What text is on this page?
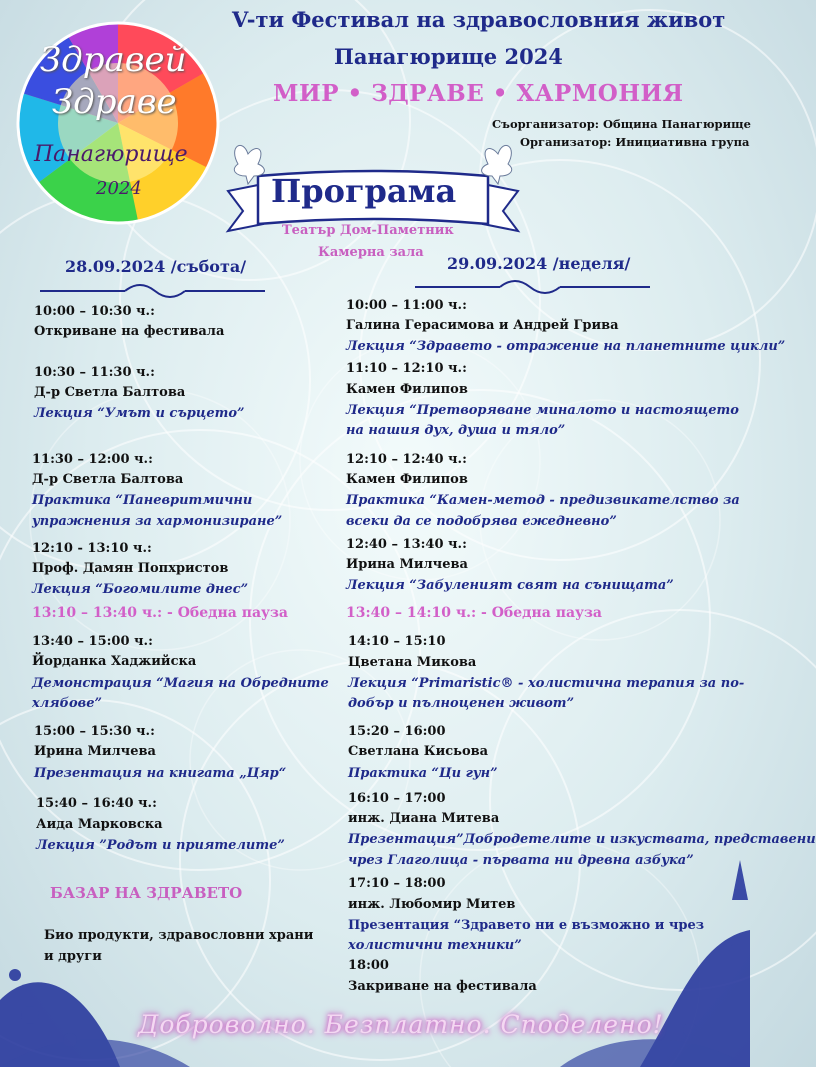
Здравей
Здраве
Панагюрище
2024
V-ти Фестивал на здравословния живот
Панагюрище 2024
МИР • ЗДРАВЕ • ХАРМОНИЯ
Съорганизатор: Община Панагюрище
Организатор: Инициативна група
Програма
Театър Дом-Паметник
Камерна зала
28.09.2024 /събота/	29.09.2024 /неделя/
10:00 – 10:30 ч.:
Откриване на фестивала
10:30 – 11:30 ч.:
Д-р Светла Балтова
Лекция “Умът и сърцето”
11:30 – 12:00 ч.:
Д-р Светла Балтова
Практика “Паневритмични
упражнения за хармонизиране”
12:10 - 13:10 ч.:
Проф. Дамян Попхристов
Лекция “Богомилите днес”
13:10 – 13:40 ч.: - Обедна пауза
13:40 – 15:00 ч.:
Йорданка Хаджийска
Демонстрация “Магия на Обредните
хлябове”
15:00 – 15:30 ч.:
Ирина Милчева
Презентация на книгата „Цяр“
15:40 – 16:40 ч.:
Аида Марковска
Лекция ”Родът и приятелите”
БАЗАР НА ЗДРАВЕТО
Био продукти, здравословни храни
и други
10:00 – 11:00 ч.:
Галина Герасимова и Андрей Грива
Лекция “Здравето - отражение на планетните цикли”
11:10 – 12:10 ч.:
Камен Филипов
Лекция “Претворяване миналото и настоящето
на нашия дух, душа и тяло”
12:10 – 12:40 ч.:
Камен Филипов
Практика “Камен-метод - предизвикателство за
всеки да се подобрява ежедневно”
12:40 – 13:40 ч.:
Ирина Милчева
Лекция “Забуленият свят на сънищата”
13:40 – 14:10 ч.: - Обедна пауза
14:10 – 15:10
Цветана Микова
Лекция “Primaristic® - холистична терапия за по-
добър и пълноценен живот”
15:20 – 16:00
Светлана Кисьова
Практика “Ци гун”
16:10 – 17:00
инж. Диана Митева
Презентация”Добродетелите и изкуствата, представени
чрез Глаголица - първата ни древна азбука”
17:10 – 18:00
инж. Любомир Митев
Презентация “Здравето ни е възможно и чрез
холистични техники”
18:00
Закриване на фестивала
Доброволно. Безплатно. Споделено!
